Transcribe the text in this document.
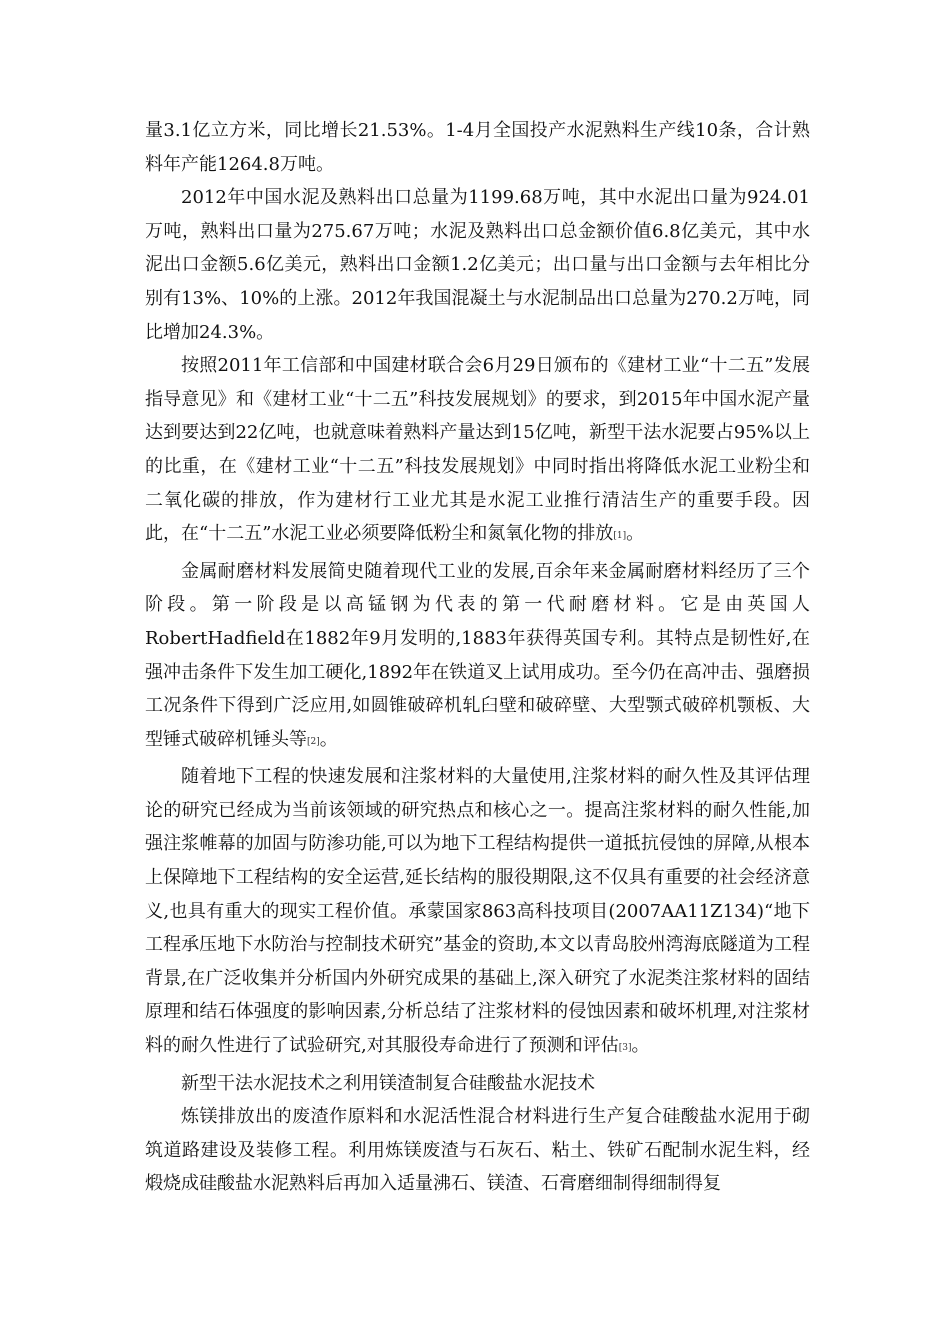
量3.1亿立方米，同比增长21.53%。1-4月全国投产水泥熟料生产线10条，合计熟料年产能1264.8万吨。

2012年中国水泥及熟料出口总量为1199.68万吨，其中水泥出口量为924.01万吨，熟料出口量为275.67万吨；水泥及熟料出口总金额价值6.8亿美元，其中水泥出口金额5.6亿美元，熟料出口金额1.2亿美元；出口量与出口金额与去年相比分别有13%、10%的上涨。2012年我国混凝土与水泥制品出口总量为270.2万吨，同比增加24.3%。

按照2011年工信部和中国建材联合会6月29日颁布的《建材工业“十二五”发展指导意见》和《建材工业“十二五”科技发展规划》的要求，到2015年中国水泥产量达到要达到22亿吨，也就意味着熟料产量达到15亿吨，新型干法水泥要占95%以上的比重，在《建材工业“十二五”科技发展规划》中同时指出将降低水泥工业粉尘和二氧化碳的排放，作为建材行工业尤其是水泥工业推行清洁生产的重要手段。因此，在“十二五”水泥工业必须要降低粉尘和氮氧化物的排放[1]。

金属耐磨材料发展简史随着现代工业的发展,百余年来金属耐磨材料经历了三个阶段。第一阶段是以高锰钢为代表的第一代耐磨材料。它是由英国人RobertHadfield在1882年9月发明的,1883年获得英国专利。其特点是韧性好,在强冲击条件下发生加工硬化,1892年在铁道叉上试用成功。至今仍在高冲击、强磨损工况条件下得到广泛应用,如圆锥破碎机轧臼壁和破碎壁、大型颚式破碎机颚板、大型锤式破碎机锤头等[2]。

随着地下工程的快速发展和注浆材料的大量使用,注浆材料的耐久性及其评估理论的研究已经成为当前该领域的研究热点和核心之一。提高注浆材料的耐久性能,加强注浆帷幕的加固与防渗功能,可以为地下工程结构提供一道抵抗侵蚀的屏障,从根本上保障地下工程结构的安全运营,延长结构的服役期限,这不仅具有重要的社会经济意义,也具有重大的现实工程价值。承蒙国家863高科技项目(2007AA11Z134)“地下工程承压地下水防治与控制技术研究”基金的资助,本文以青岛胶州湾海底隧道为工程背景,在广泛收集并分析国内外研究成果的基础上,深入研究了水泥类注浆材料的固结原理和结石体强度的影响因素,分析总结了注浆材料的侵蚀因素和破坏机理,对注浆材料的耐久性进行了试验研究,对其服役寿命进行了预测和评估[3]。

新型干法水泥技术之利用镁渣制复合硅酸盐水泥技术

炼镁排放出的废渣作原料和水泥活性混合材料进行生产复合硅酸盐水泥用于砌筑道路建设及装修工程。利用炼镁废渣与石灰石、粘土、铁矿石配制水泥生料，经煅烧成硅酸盐水泥熟料后再加入适量沸石、镁渣、石膏磨细制得细制得复
